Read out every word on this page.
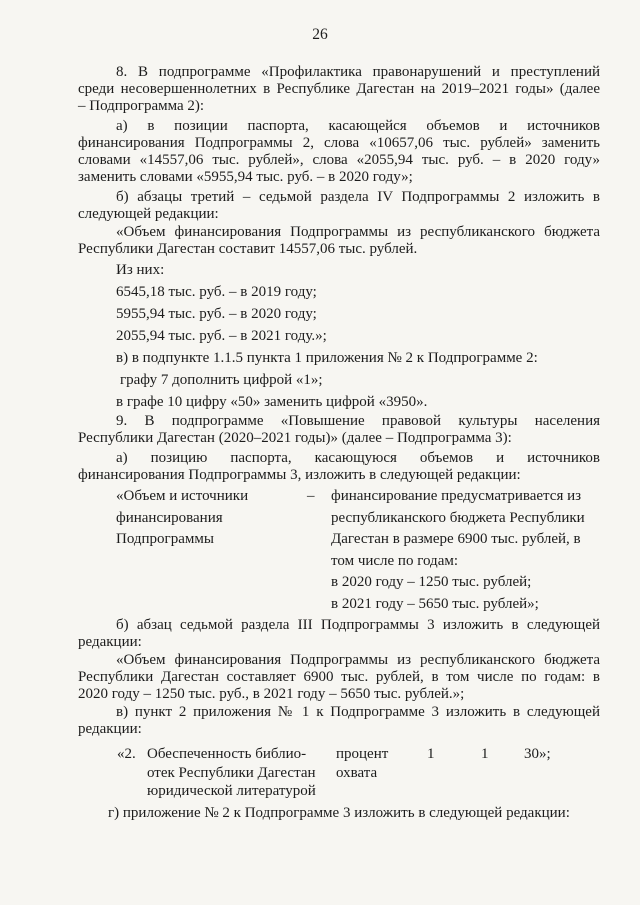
26
8. В подпрограмме «Профилактика правонарушений и преступлений
среди несовершеннолетних в Республике Дагестан на 2019–2021 годы» (далее
– Подпрограмма 2):
а) в позиции паспорта, касающейся объемов и источников
финансирования Подпрограммы 2, слова «10657,06 тыс. рублей» заменить
словами «14557,06 тыс. рублей», слова «2055,94 тыс. руб. – в 2020 году»
заменить словами «5955,94 тыс. руб. – в 2020 году»;
б) абзацы третий – седьмой раздела IV Подпрограммы 2 изложить в
следующей редакции:
«Объем финансирования Подпрограммы из республиканского бюджета
Республики Дагестан составит 14557,06 тыс. рублей.
Из них:
6545,18 тыс. руб. – в 2019 году;
5955,94 тыс. руб. – в 2020 году;
2055,94 тыс. руб. – в 2021 году.»;
в) в подпункте 1.1.5 пункта 1 приложения № 2 к Подпрограмме 2:
графу 7 дополнить цифрой «1»;
в графе 10 цифру «50» заменить цифрой «3950».
9. В подпрограмме «Повышение правовой культуры населения
Республики Дагестан (2020–2021 годы)» (далее – Подпрограмма 3):
а) позицию паспорта, касающуюся объемов и источников
финансирования Подпрограммы 3, изложить в следующей редакции:
«Объем и источники
финансирования
Подпрограммы
–	финансирование предусматривается из
республиканского бюджета Республики
Дагестан в размере 6900 тыс. рублей, в
том числе по годам:
в 2020 году – 1250 тыс. рублей;
в 2021 году – 5650 тыс. рублей»;
б) абзац седьмой раздела III Подпрограммы 3 изложить в следующей
редакции:
«Объем финансирования Подпрограммы из республиканского бюджета
Республики Дагестан составляет 6900 тыс. рублей, в том числе по годам: в
2020 году – 1250 тыс. руб., в 2021 году – 5650 тыс. рублей.»;
в) пункт 2 приложения № 1 к Подпрограмме 3 изложить в следующей
редакции:
«2. Обеспеченность библио-
отек Республики Дагестан
юридической литературой
процент
охвата
1	1 30»;
г) приложение № 2 к Подпрограмме 3 изложить в следующей редакции:
